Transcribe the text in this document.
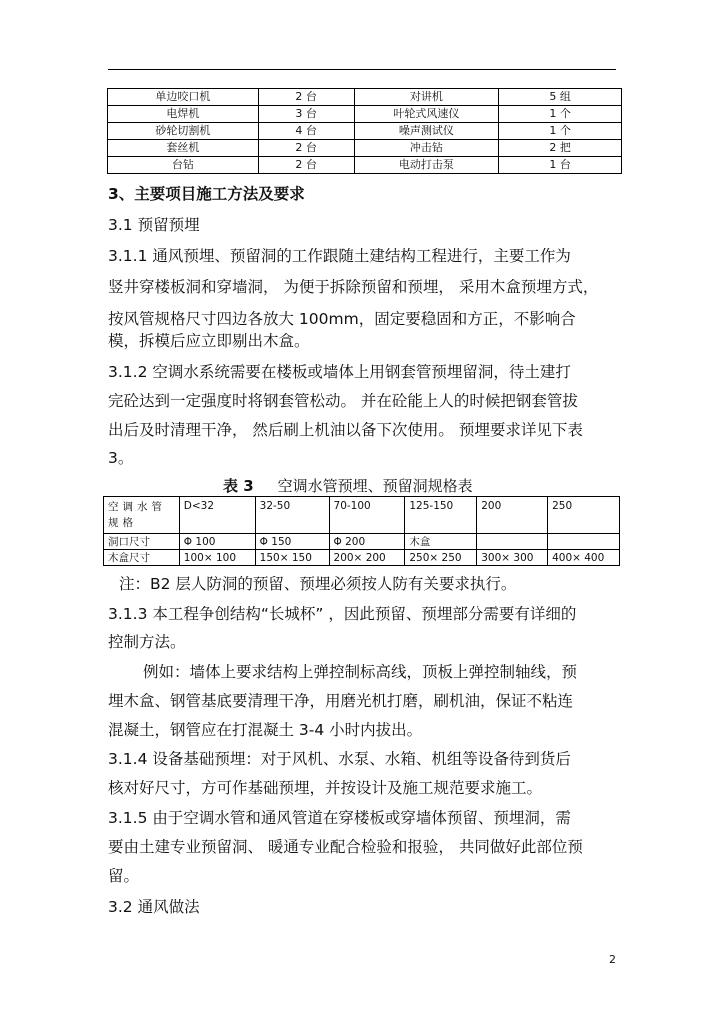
单边咬口机	2 台	对讲机	5 组
电焊机	3 台	叶轮式风速仪	1 个
砂轮切割机	4 台	噪声测试仪	1 个
套丝机	2 台	冲击钻	2 把
台钻	2 台	电动打击泵	1 台
3、主要项目施工方法及要求
3.1 预留预埋
3.1.1 通风预埋、预留洞的工作跟随土建结构工程进行，主要工作为
竖井穿楼板洞和穿墙洞， 为便于拆除预留和预埋， 采用木盒预埋方式，
按风管规格尺寸四边各放大 100mm，固定要稳固和方正，不影响合
模，拆模后应立即剔出木盒。
3.1.2 空调水系统需要在楼板或墙体上用钢套管预埋留洞，待土建打
完砼达到一定强度时将钢套管松动。 并在砼能上人的时候把钢套管拔
出后及时清理干净， 然后刷上机油以备下次使用。 预埋要求详见下表
3。
表 3 空调水管预埋、预留洞规格表
空调水管规格	D<32	32-50	70-100	125-150	200	250
洞口尺寸	Φ 100	Φ 150	Φ 200	木盒		
木盒尺寸	100× 100	150× 150	200× 200	250× 250	300× 300	400× 400
注：B2 层人防洞的预留、预埋必须按人防有关要求执行。
3.1.3 本工程争创结构“长城杯” ，因此预留、预埋部分需要有详细的
控制方法。
例如：墙体上要求结构上弹控制标高线，顶板上弹控制轴线，预
埋木盒、钢管基底要清理干净，用磨光机打磨，刷机油，保证不粘连
混凝土，钢管应在打混凝土 3-4 小时内拔出。
3.1.4 设备基础预埋：对于风机、水泵、水箱、机组等设备待到货后
核对好尺寸，方可作基础预埋，并按设计及施工规范要求施工。
3.1.5 由于空调水管和通风管道在穿楼板或穿墙体预留、预埋洞，需
要由土建专业预留洞、 暖通专业配合检验和报验， 共同做好此部位预
留。
3.2 通风做法
2
